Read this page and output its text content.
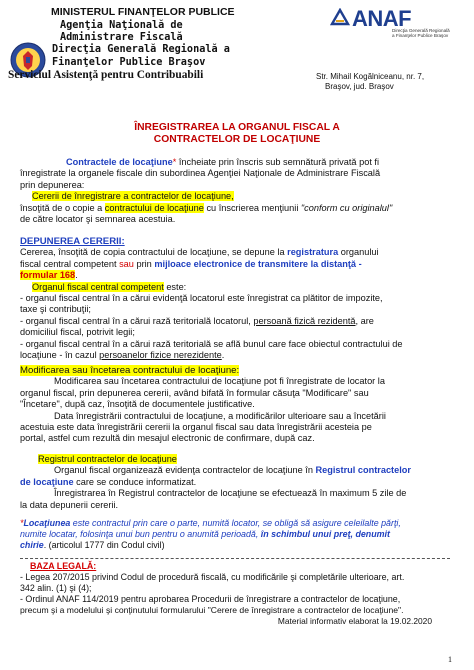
MINISTERUL FINANŢELOR PUBLICE
Agenţia Naţională de
Administrare Fiscală
Direcţia Generală Regională a
Finanţelor Publice Braşov
Serviciul Asistenţă pentru Contribuabili
ANAF
Direcţia Generală Regională
a Finanţelor Publice Braşov
Str. Mihail Kogălniceanu, nr. 7,
Braşov, jud. Braşov
ÎNREGISTRAREA LA ORGANUL FISCAL A
CONTRACTELOR DE LOCAŢIUNE
Contractele de locaţiune* încheiate prin înscris sub semnătură privată pot fi
înregistrate la organele fiscale din subordinea Agenţiei Naţionale de Administrare Fiscală
prin depunerea:
Cererii de înregistrare a contractelor de locaţiune,
însoţită de o copie a contractului de locaţiune cu înscrierea menţiunii "conform cu originalul"
de către locator şi semnarea acestuia.
DEPUNEREA CERERII:
Cererea, însoţită de copia contractului de locaţiune, se depune la registratura organului
fiscal central competent sau prin mijloace electronice de transmitere la distanţă -
formular 168.
Organul fiscal central competent este:
- organul fiscal central în a cărui evidenţă locatorul este înregistrat ca plătitor de impozite,
taxe şi contribuţii;
- organul fiscal central în a cărui rază teritorială locatorul, persoană fizică rezidentă, are
domiciliul fiscal, potrivit legii;
- organul fiscal central în a cărui rază teritorială se află bunul care face obiectul contractului de
locaţiune - în cazul persoanelor fizice nerezidente.
Modificarea sau încetarea contractului de locaţiune:
Modificarea sau încetarea contractului de locaţiune pot fi înregistrate de locator la
organul fiscal, prin depunerea cererii, având bifată în formular căsuţa "Modificare" sau
"Încetare", după caz, însoţită de documentele justificative.
Data înregistrării contractului de locaţiune, a modificărilor ulterioare sau a încetării
acestuia este data înregistrării cererii la organul fiscal sau data înregistrării acesteia pe
portal, astfel cum rezultă din mesajul electronic de confirmare, după caz.
Registrul contractelor de locaţiune
Organul fiscal organizează evidenţa contractelor de locaţiune în Registrul contractelor
de locaţiune care se conduce informatizat.
Înregistrarea în Registrul contractelor de locaţiune se efectuează în maximum 5 zile de
la data depunerii cererii.
*Locaţiunea este contractul prin care o parte, numită locator, se obligă să asigure celeilalte părţi,
numite locatar, folosinţa unui bun pentru o anumită perioadă, în schimbul unui preţ, denumit
chirie. (articolul 1777 din Codul civil)
BAZA LEGALĂ:
- Legea 207/2015 privind Codul de procedură fiscală, cu modificările şi completările ulterioare, art.
342 alin. (1) şi (4);
- Ordinul ANAF 114/2019 pentru aprobarea Procedurii de înregistrare a contractelor de locaţiune,
precum şi a modelului şi conţinutului formularului "Cerere de înregistrare a contractelor de locaţiune".
Material informativ elaborat la 19.02.2020
1
